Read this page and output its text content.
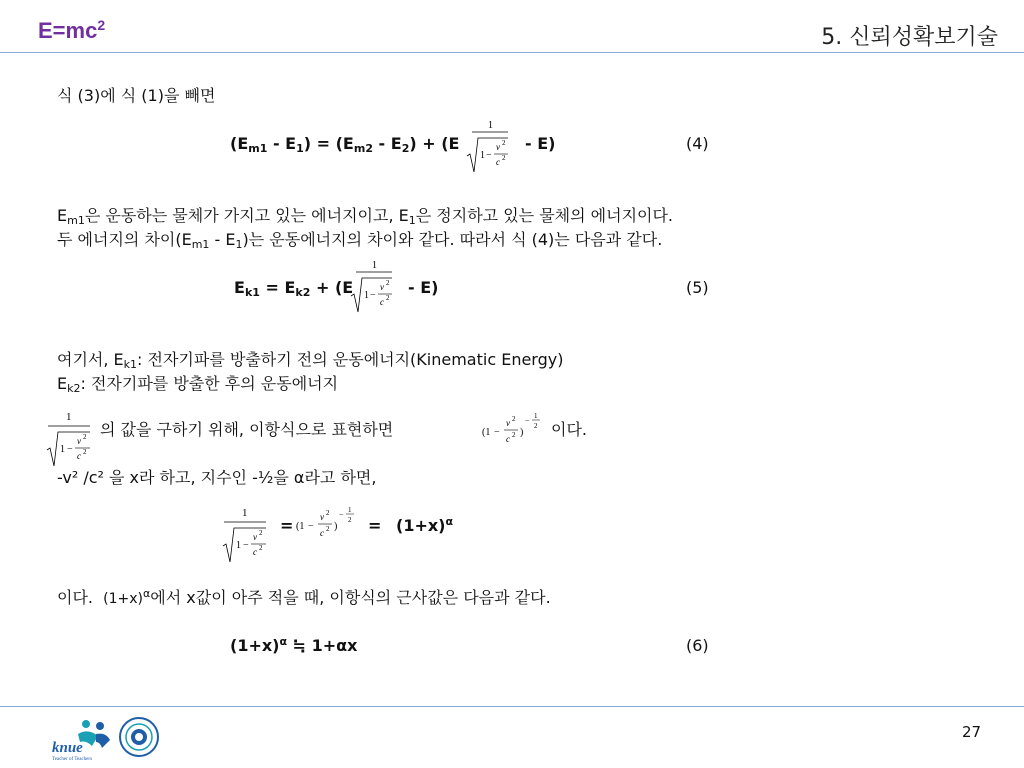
$E=mc^2$	5. 신뢰성확보기술
식 (3)에 식 (1)을 빼면
$(E_{m1} - E_1) = (E_{m2} - E_2) + (E$
1
1 −
v 2
c 2
- E)	(4)
$E_{m1}$은 운동하는 물체가 가지고 있는 에너지이고, $E_1$은 정지하고 있는 물체의 에너지이다.
두 에너지의 차이$(E_{m1} - E_1)$는 운동에너지의 차이와 같다. 따라서 식 (4)는 다음과 같다.
$E_{k1} = E_{k2} + (E$
1
1 −
v 2
c 2
- E)	(5)
여기서, $E_{k1}$: 전자기파를 방출하기 전의 운동에너지(Kinematic Energy)
$E_{k2}$: 전자기파를 방출한 후의 운동에너지
1
1 −
v 2
c 2
의 값을 구하기 위해, 이항식으로 표현하면	(1 −
v 2
c 2 )
− 1
2 이다.
-v² /c² 을 x라 하고, 지수인 -½을 α라고 하면,
1
1 −
v 2
c 2
= (1 −
v 2
c 2 )
− 1
$2 = (1+x)^\alpha$
이다. $(1+x)^\alpha$에서 x값이 아주 적을 때, 이항식의 근사값은 다음과 같다.
$(1+x)^\alpha$ ≒ 1+αx	(6)
knue
Teacher of Teachers
27
